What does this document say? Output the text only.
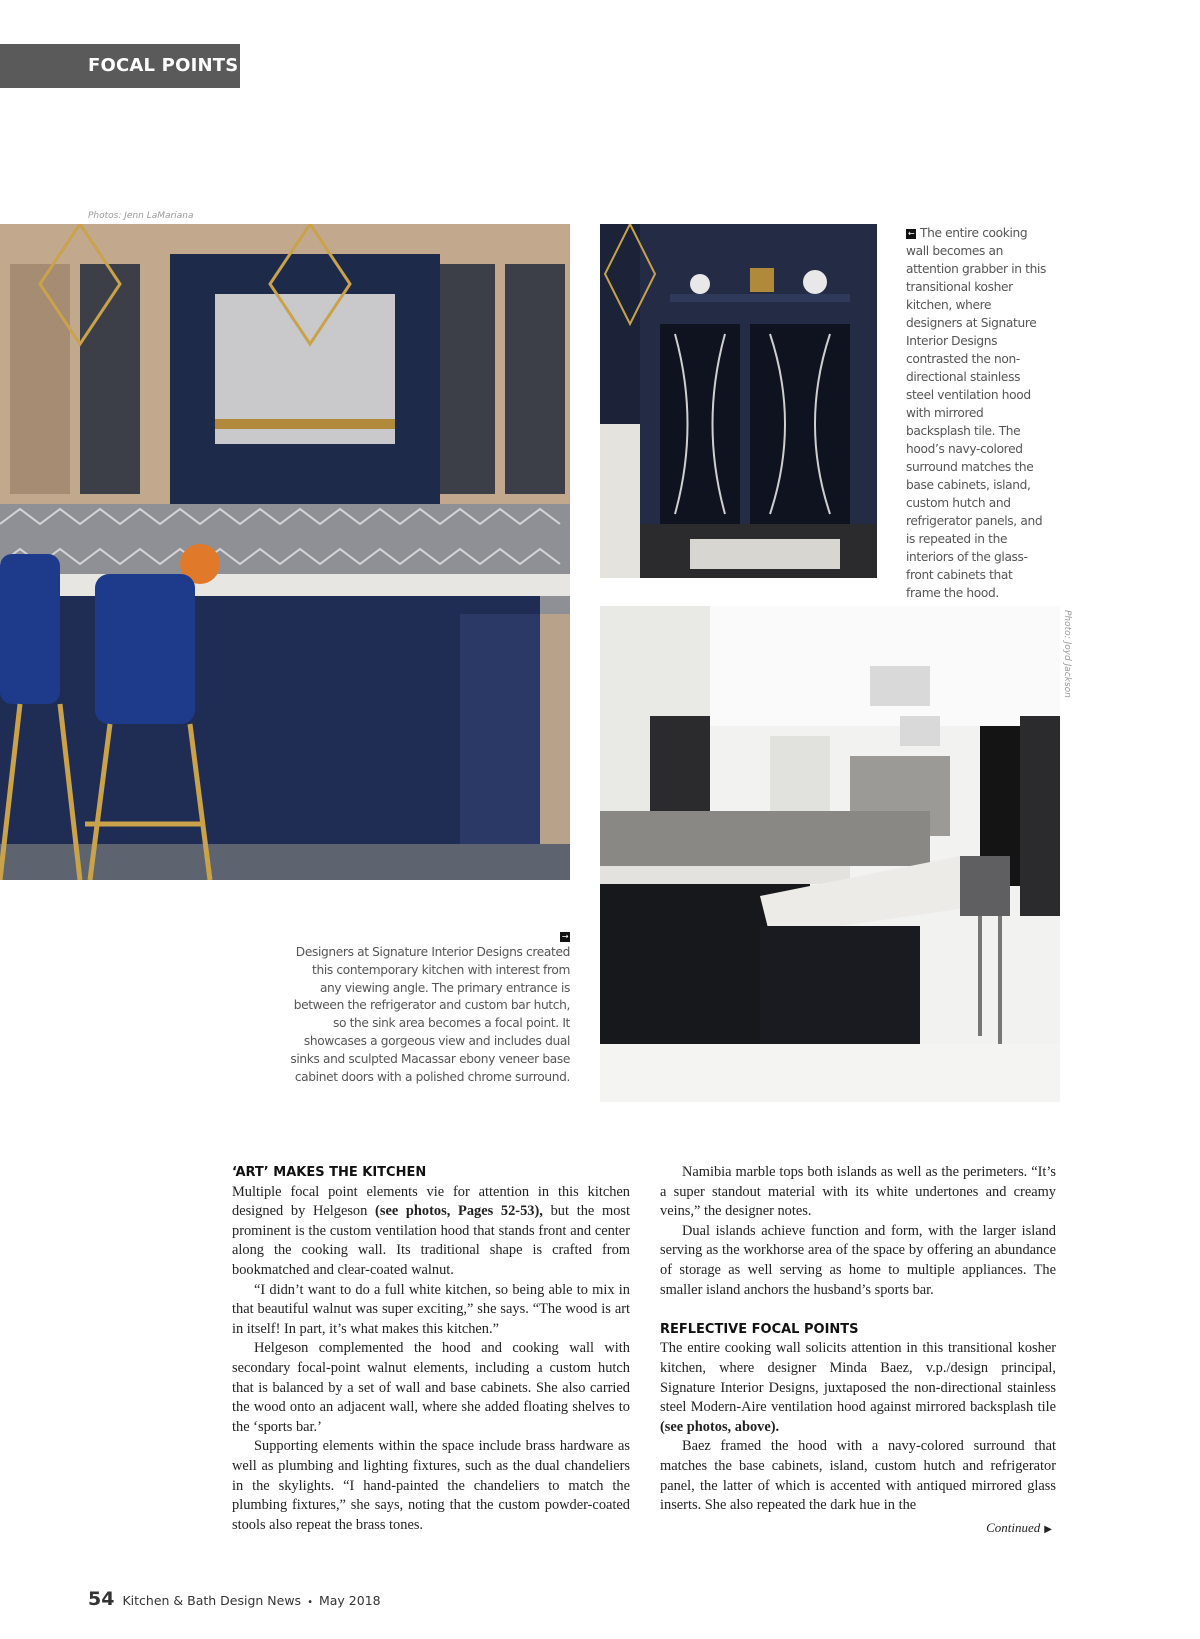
FOCAL POINTS
Photos: Jenn LaMariana
Photo: Joyd Jackson
← The entire cooking wall becomes an attention grabber in this transitional kosher kitchen, where designers at Signature Interior Designs contrasted the non-directional stainless steel ventilation hood with mirrored backsplash tile. The hood’s navy-colored surround matches the base cabinets, island, custom hutch and refrigerator panels, and is repeated in the interiors of the glass-front cabinets that frame the hood.
→
Designers at Signature Interior Designs created this contemporary kitchen with interest from any viewing angle. The primary entrance is between the refrigerator and custom bar hutch, so the sink area becomes a focal point. It showcases a gorgeous view and includes dual sinks and sculpted Macassar ebony veneer base cabinet doors with a polished chrome surround.
‘ART’ MAKES THE KITCHEN

Multiple focal point elements vie for attention in this kitchen designed by Helgeson (see photos, Pages 52-53), but the most prominent is the custom ventilation hood that stands front and center along the cooking wall. Its traditional shape is crafted from bookmatched and clear-coated walnut.

“I didn’t want to do a full white kitchen, so being able to mix in that beautiful walnut was super exciting,” she says. “The wood is art in itself! In part, it’s what makes this kitchen.”

Helgeson complemented the hood and cooking wall with secondary focal-point walnut elements, including a custom hutch that is balanced by a set of wall and base cabinets. She also carried the wood onto an adjacent wall, where she added floating shelves to the ‘sports bar.’

Supporting elements within the space include brass hardware as well as plumbing and lighting fixtures, such as the dual chandeliers in the skylights. “I hand-painted the chandeliers to match the plumbing fixtures,” she says, noting that the custom powder-coated stools also repeat the brass tones.

Namibia marble tops both islands as well as the perimeters. “It’s a super standout material with its white undertones and creamy veins,” the designer notes.

Dual islands achieve function and form, with the larger island serving as the workhorse area of the space by offering an abundance of storage as well serving as home to multiple appliances. The smaller island anchors the husband’s sports bar.

REFLECTIVE FOCAL POINTS

The entire cooking wall solicits attention in this transitional kosher kitchen, where designer Minda Baez, v.p./design principal, Signature Interior Designs, juxtaposed the non-directional stainless steel Modern-Aire ventilation hood against mirrored backsplash tile (see photos, above).

Baez framed the hood with a navy-colored surround that matches the base cabinets, island, custom hutch and refrigerator panel, the latter of which is accented with antiqued mirrored glass inserts. She also repeated the dark hue in the

Continued ▶
54 Kitchen & Bath Design News • May 2018
